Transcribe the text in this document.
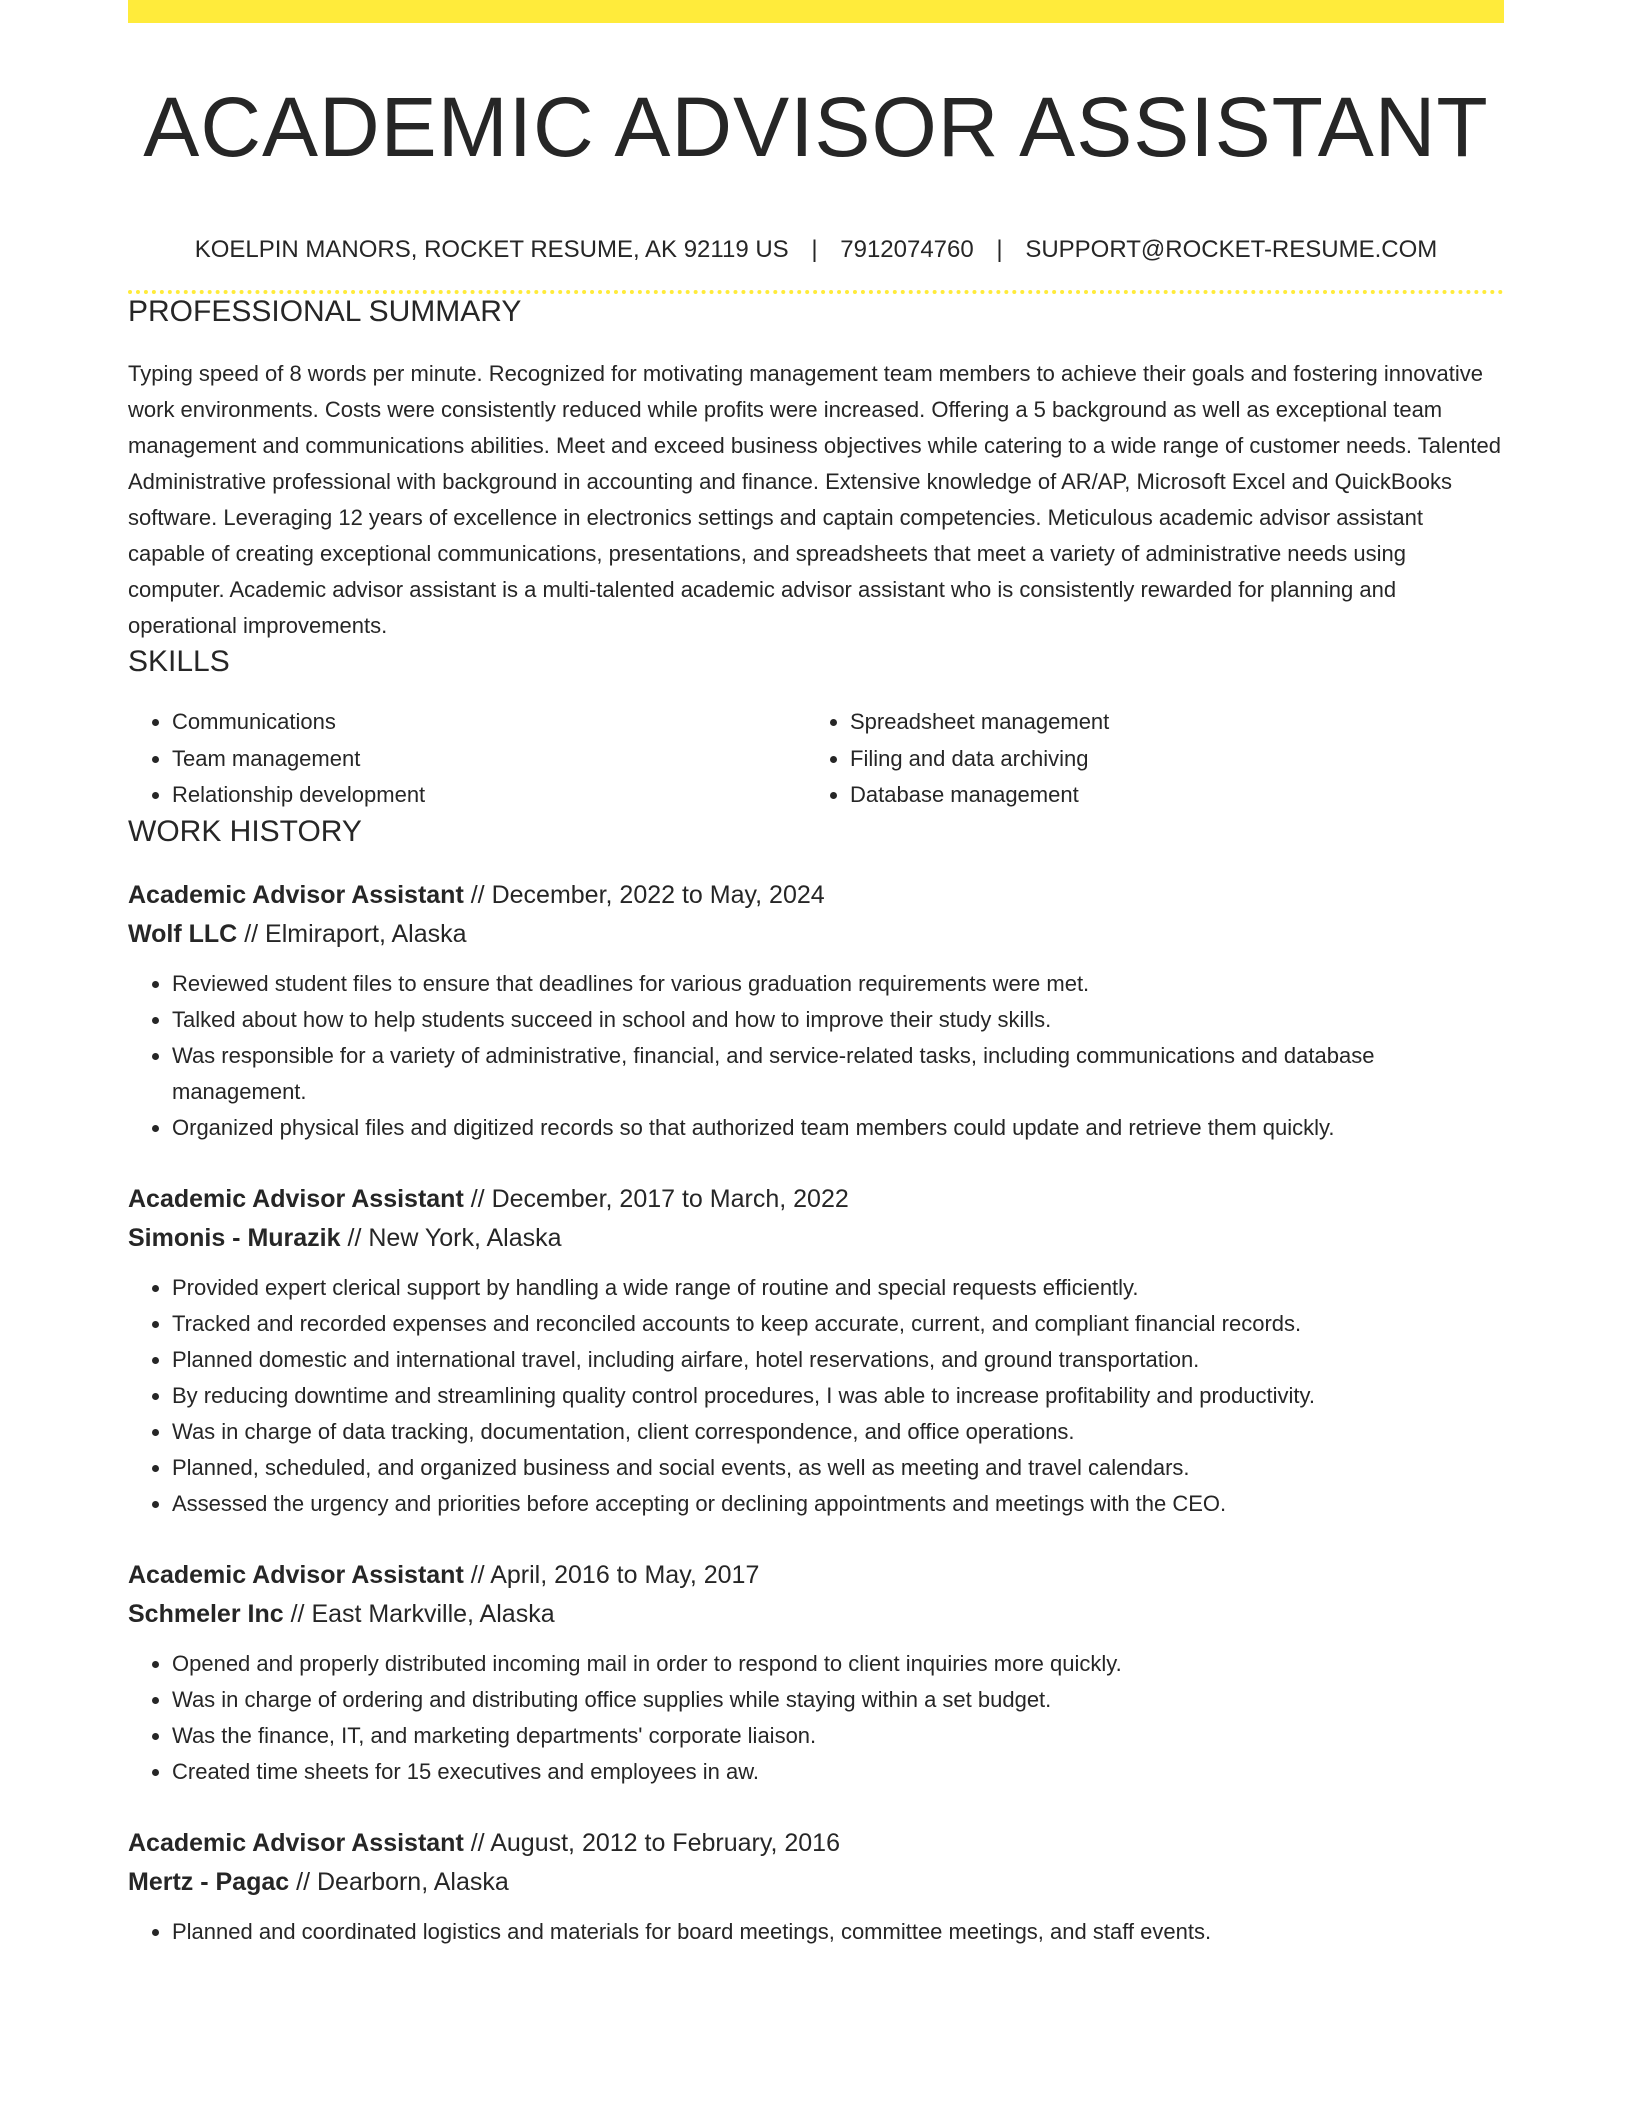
ACADEMIC ADVISOR ASSISTANT
KOELPIN MANORS, ROCKET RESUME, AK 92119 US | 7912074760 | SUPPORT@ROCKET-RESUME.COM
PROFESSIONAL SUMMARY
Typing speed of 8 words per minute. Recognized for motivating management team members to achieve their goals and fostering innovative work environments. Costs were consistently reduced while profits were increased. Offering a 5 background as well as exceptional team management and communications abilities. Meet and exceed business objectives while catering to a wide range of customer needs. Talented Administrative professional with background in accounting and finance. Extensive knowledge of AR/AP, Microsoft Excel and QuickBooks software. Leveraging 12 years of excellence in electronics settings and captain competencies. Meticulous academic advisor assistant capable of creating exceptional communications, presentations, and spreadsheets that meet a variety of administrative needs using computer. Academic advisor assistant is a multi-talented academic advisor assistant who is consistently rewarded for planning and operational improvements.
SKILLS
• Communications
• Team management
• Relationship development
• Spreadsheet management
• Filing and data archiving
• Database management
WORK HISTORY
Academic Advisor Assistant // December, 2022 to May, 2024
Wolf LLC // Elmiraport, Alaska
• Reviewed student files to ensure that deadlines for various graduation requirements were met.
• Talked about how to help students succeed in school and how to improve their study skills.
• Was responsible for a variety of administrative, financial, and service-related tasks, including communications and database management.
• Organized physical files and digitized records so that authorized team members could update and retrieve them quickly.
Academic Advisor Assistant // December, 2017 to March, 2022
Simonis - Murazik // New York, Alaska
• Provided expert clerical support by handling a wide range of routine and special requests efficiently.
• Tracked and recorded expenses and reconciled accounts to keep accurate, current, and compliant financial records.
• Planned domestic and international travel, including airfare, hotel reservations, and ground transportation.
• By reducing downtime and streamlining quality control procedures, I was able to increase profitability and productivity.
• Was in charge of data tracking, documentation, client correspondence, and office operations.
• Planned, scheduled, and organized business and social events, as well as meeting and travel calendars.
• Assessed the urgency and priorities before accepting or declining appointments and meetings with the CEO.
Academic Advisor Assistant // April, 2016 to May, 2017
Schmeler Inc // East Markville, Alaska
• Opened and properly distributed incoming mail in order to respond to client inquiries more quickly.
• Was in charge of ordering and distributing office supplies while staying within a set budget.
• Was the finance, IT, and marketing departments' corporate liaison.
• Created time sheets for 15 executives and employees in aw.
Academic Advisor Assistant // August, 2012 to February, 2016
Mertz - Pagac // Dearborn, Alaska
• Planned and coordinated logistics and materials for board meetings, committee meetings, and staff events.
